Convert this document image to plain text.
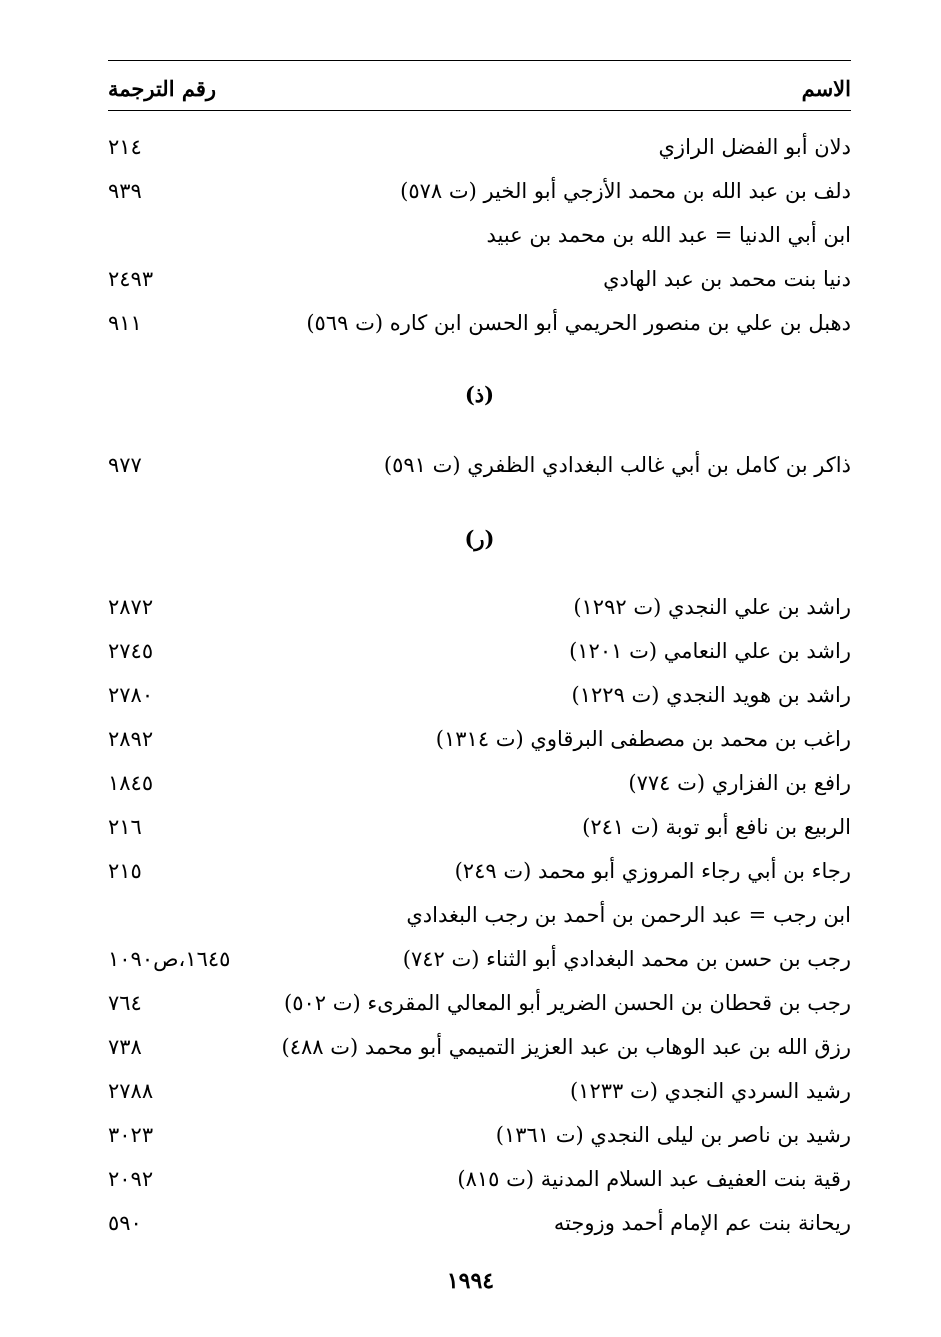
رقم الترجمة	الاسم
٢١٤	دلان أبو الفضل الرازي
٩٣٩	دلف بن عبد الله بن محمد الأزجي أبو الخير (ت ٥٧٨)
ابن أبي الدنيا = عبد الله بن محمد بن عبيد
٢٤٩٣	دنيا بنت محمد بن عبد الهادي
٩١١	دهبل بن علي بن منصور الحريمي أبو الحسن ابن كاره (ت ٥٦٩)
(ذ)
٩٧٧	ذاكر بن كامل بن أبي غالب البغدادي الظفري (ت ٥٩١)
(ر)
٢٨٧٢	راشد بن علي النجدي (ت ١٢٩٢)
٢٧٤٥	راشد بن علي النعامي (ت ١٢٠١)
٢٧٨٠	راشد بن هويد النجدي (ت ١٢٢٩)
٢٨٩٢	راغب بن محمد بن مصطفى البرقاوي (ت ١٣١٤)
١٨٤٥	رافع بن الفزاري (ت ٧٧٤)
٢١٦	الربيع بن نافع أبو توبة (ت ٢٤١)
٢١٥	رجاء بن أبي رجاء المروزي أبو محمد (ت ٢٤٩)
ابن رجب = عبد الرحمن بن أحمد بن رجب البغدادي
١٦٤٥،ص١٠٩٠	رجب بن حسن بن محمد البغدادي أبو الثناء (ت ٧٤٢)
٧٦٤	رجب بن قحطان بن الحسن الضرير أبو المعالي المقرىء (ت ٥٠٢)
٧٣٨	رزق الله بن عبد الوهاب بن عبد العزيز التميمي أبو محمد (ت ٤٨٨)
٢٧٨٨	رشيد السردي النجدي (ت ١٢٣٣)
٣٠٢٣	رشيد بن ناصر بن ليلى النجدي (ت ١٣٦١)
٢٠٩٢	رقية بنت العفيف عبد السلام المدنية (ت ٨١٥)
٥٩٠	ريحانة بنت عم الإمام أحمد وزوجته
١٩٩٤
